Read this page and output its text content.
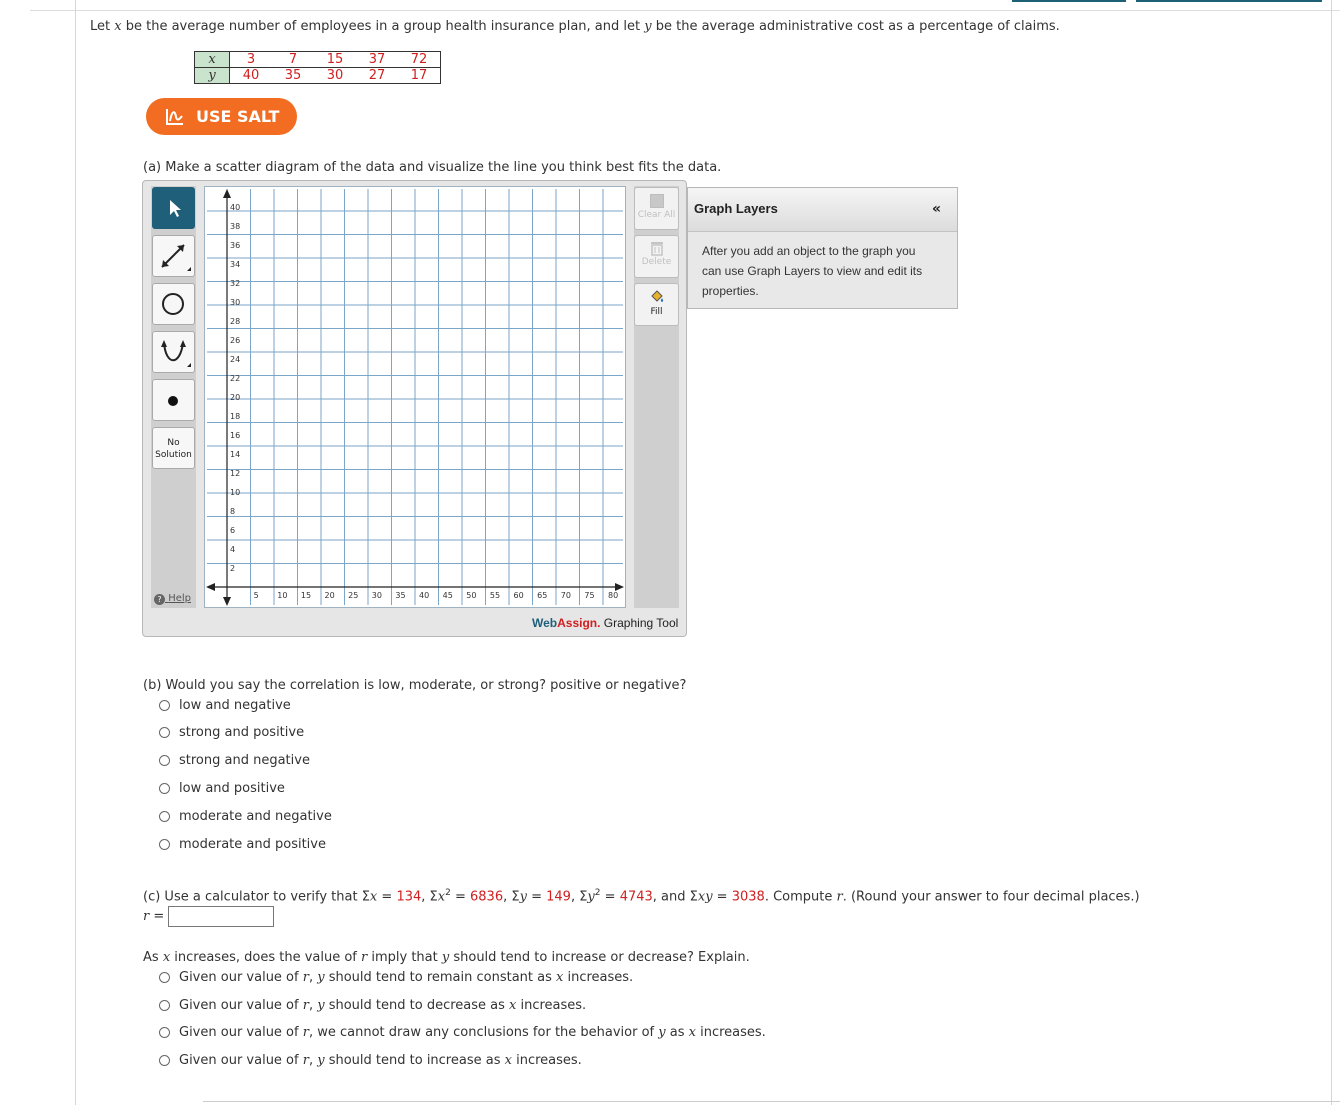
Let x be the average number of employees in a group health insurance plan, and let y be the average administrative cost as a percentage of claims.
x	3	7	15	37	72
y	40	35	30	27	17
USE SALT
(a) Make a scatter diagram of the data and visualize the line you think best fits the data.
No
Solution
? Help
40
38
36
34
32
30
28
26
24
22
20
18
16
14
12
10
8
6
4
2
5 10 15 20 25 30 35 40 45 50 55 60 65 70 75 80
Clear All
Delete
Fill
WebAssign. Graphing Tool
Graph Layers	«
After you add an object to the graph you
can use Graph Layers to view and edit its
properties.
(b) Would you say the correlation is low, moderate, or strong? positive or negative?
low and negative
strong and positive
strong and negative
low and positive
moderate and negative
moderate and positive
(c) Use a calculator to verify that Σx = 134, $\Sigma x^2 = 6836$, Σy = 149, $\Sigma y^2 = 4743$, and Σxy = 3038. Compute r. (Round your answer to four decimal places.)
r =
As x increases, does the value of r imply that y should tend to increase or decrease? Explain.
Given our value of r, y should tend to remain constant as x increases.
Given our value of r, y should tend to decrease as x increases.
Given our value of r, we cannot draw any conclusions for the behavior of y as x increases.
Given our value of r, y should tend to increase as x increases.
